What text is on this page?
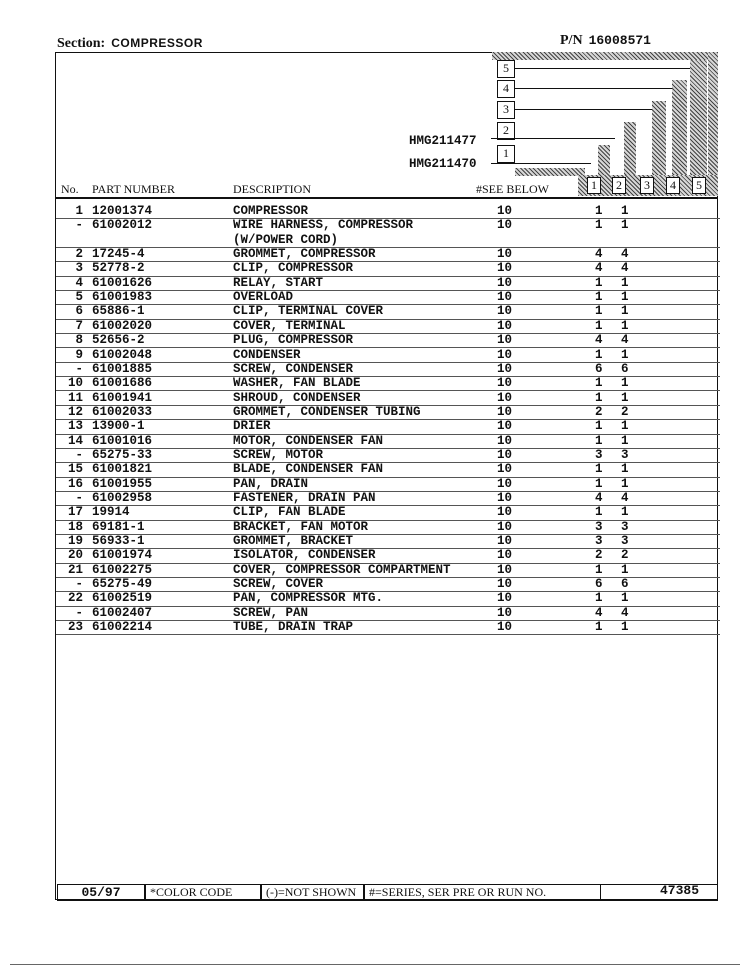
Section: COMPRESSOR	P/N 16008571
5
4
3
2
1
HMG211477
HMG211470
1	2	3	4	5
No. PART NUMBER	DESCRIPTION	#SEE BELOW
1 12001374	COMPRESSOR	10	1 1
- 61002012	WIRE HARNESS, COMPRESSOR	10	1 1
(W/POWER CORD)
2 17245-4	GROMMET, COMPRESSOR	10	4 4
3 52778-2	CLIP, COMPRESSOR	10	4 4
4 61001626	RELAY, START	10	1 1
5 61001983	OVERLOAD	10	1 1
6 65886-1	CLIP, TERMINAL COVER	10	1 1
7 61002020	COVER, TERMINAL	10	1 1
8 52656-2	PLUG, COMPRESSOR	10	4 4
9 61002048	CONDENSER	10	1 1
- 61001885	SCREW, CONDENSER	10	6 6
10 61001686	WASHER, FAN BLADE	10	1 1
11 61001941	SHROUD, CONDENSER	10	1 1
12 61002033	GROMMET, CONDENSER TUBING	10	2 2
13 13900-1	DRIER	10	1 1
14 61001016	MOTOR, CONDENSER FAN	10	1 1
- 65275-33	SCREW, MOTOR	10	3 3
15 61001821	BLADE, CONDENSER FAN	10	1 1
16 61001955	PAN, DRAIN	10	1 1
- 61002958	FASTENER, DRAIN PAN	10	4 4
17 19914	CLIP, FAN BLADE	10	1 1
18 69181-1	BRACKET, FAN MOTOR	10	3 3
19 56933-1	GROMMET, BRACKET	10	3 3
20 61001974	ISOLATOR, CONDENSER	10	2 2
21 61002275	COVER, COMPRESSOR COMPARTMENT	10	1 1
- 65275-49	SCREW, COVER	10	6 6
22 61002519	PAN, COMPRESSOR MTG.	10	1 1
- 61002407	SCREW, PAN	10	4 4
23 61002214	TUBE, DRAIN TRAP	10	1 1
05/97	*COLOR CODE	(-)=NOT SHOWN	#=SERIES, SER PRE OR RUN NO.	47385
